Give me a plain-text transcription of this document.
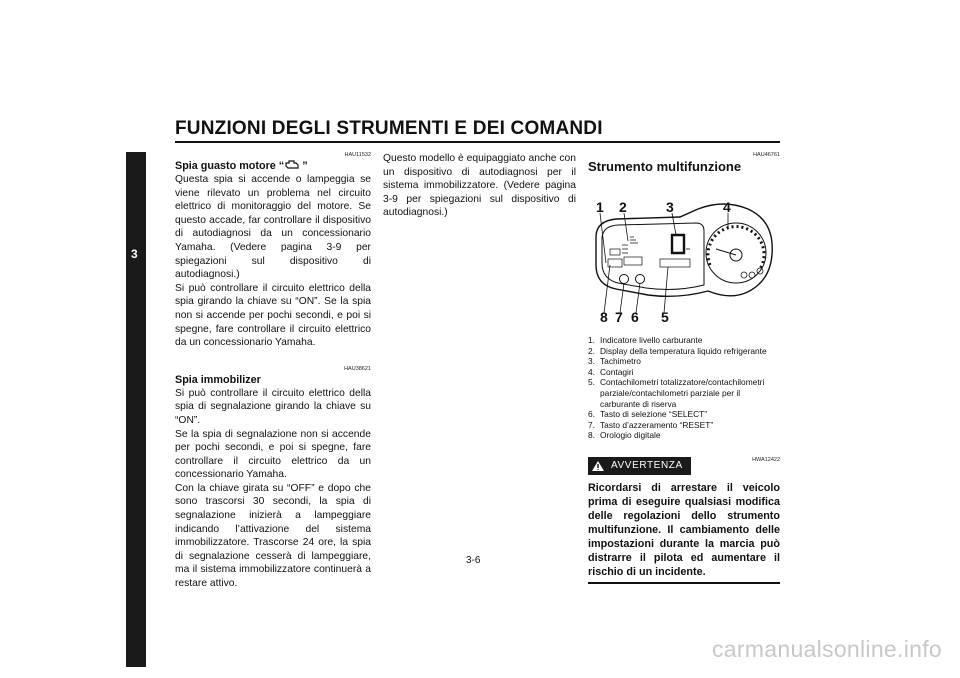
FUNZIONI DEGLI STRUMENTI E DEI COMANDI
3

HAU11532

Spia guasto motore “ ”

Questa spia si accende o lampeggia se viene rilevato un problema nel circuito elettrico di monitoraggio del motore. Se questo accade, far controllare il dispositivo di autodiagnosi da un concessionario Yamaha. (Vedere pagina 3-9 per spiegazioni sul dispositivo di autodiagnosi.)

Si può controllare il circuito elettrico della spia girando la chiave su “ON”. Se la spia non si accende per pochi secondi, e poi si spegne, fare controllare il circuito elettrico da un concessionario Yamaha.

HAU38621

Spia immobilizer

Si può controllare il circuito elettrico della spia di segnalazione girando la chiave su “ON”.

Se la spia di segnalazione non si accende per pochi secondi, e poi si spegne, fare controllare il circuito elettrico da un concessionario Yamaha.

Con la chiave girata su “OFF” e dopo che sono trascorsi 30 secondi, la spia di segnalazione inizierà a lampeggiare indicando l’attivazione del sistema immobilizzatore. Trascorse 24 ore, la spia di segnalazione cesserà di lampeggiare, ma il sistema immobilizzatore continuerà a restare attivo.

Questo modello è equipaggiato anche con un dispositivo di autodiagnosi per il sistema immobilizzatore. (Vedere pagina 3-9 per spiegazioni sul dispositivo di autodiagnosi.)

HAU46761

Strumento multifunzione

1 2	3	4
8 7 6 5
1. Indicatore livello carburante
2. Display della temperatura liquido refrigerante
3. Tachimetro
4. Contagiri
5. Contachilometri totalizzatore/contachilometri parziale/contachilometri parziale per il carburante di riserva
6. Tasto di selezione “SELECT”
7. Tasto d’azzeramento “RESET”
8. Orologio digitale
AVVERTENZA	HWA12422
Ricordarsi di arrestare il veicolo prima di eseguire qualsiasi modifica delle regolazioni dello strumento multifunzione. Il cambiamento delle impostazioni durante la marcia può distrarre il pilota ed aumentare il rischio di un incidente.
3-6
carmanualsonline.info
